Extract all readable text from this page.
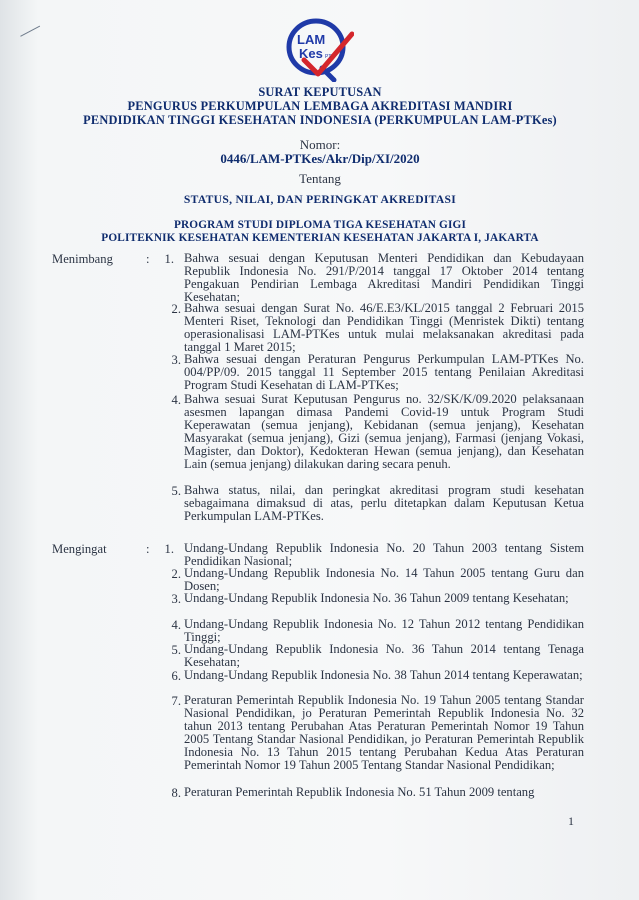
LAM
Kes PT
SURAT KEPUTUSAN
PENGURUS PERKUMPULAN LEMBAGA AKREDITASI MANDIRI
PENDIDIKAN TINGGI KESEHATAN INDONESIA (PERKUMPULAN LAM-PTKes)
Nomor:
0446/LAM-PTKes/Akr/Dip/XI/2020
Tentang
STATUS, NILAI, DAN PERINGKAT AKREDITASI
PROGRAM STUDI DIPLOMA TIGA KESEHATAN GIGI
POLITEKNIK KESEHATAN KEMENTERIAN KESEHATAN JAKARTA I, JAKARTA
Menimbang	:	1. Bahwa sesuai dengan Keputusan Menteri Pendidikan dan Kebudayaan Republik Indonesia No. 291/P/2014 tanggal 17 Oktober 2014 tentang Pengakuan Pendirian Lembaga Akreditasi Mandiri Pendidikan Tinggi Kesehatan;
2. Bahwa sesuai dengan Surat No. 46/E.E3/KL/2015 tanggal 2 Februari 2015 Menteri Riset, Teknologi dan Pendidikan Tinggi (Menristek Dikti) tentang operasionalisasi LAM-PTKes untuk mulai melaksanakan akreditasi pada tanggal 1 Maret 2015;
3. Bahwa sesuai dengan Peraturan Pengurus Perkumpulan LAM-PTKes No. 004/PP/09. 2015 tanggal 11 September 2015 tentang Penilaian Akreditasi Program Studi Kesehatan di LAM-PTKes;
4. Bahwa sesuai Surat Keputusan Pengurus no. 32/SK/K/09.2020 pelaksanaan asesmen lapangan dimasa Pandemi Covid-19 untuk Program Studi Keperawatan (semua jenjang), Kebidanan (semua jenjang), Kesehatan Masyarakat (semua jenjang), Gizi (semua jenjang), Farmasi (jenjang Vokasi, Magister, dan Doktor), Kedokteran Hewan (semua jenjang), dan Kesehatan Lain (semua jenjang) dilakukan daring secara penuh.
5. Bahwa status, nilai, dan peringkat akreditasi program studi kesehatan sebagaimana dimaksud di atas, perlu ditetapkan dalam Keputusan Ketua Perkumpulan LAM-PTKes.
Mengingat	:	1. Undang-Undang Republik Indonesia No. 20 Tahun 2003 tentang Sistem Pendidikan Nasional;
2. Undang-Undang Republik Indonesia No. 14 Tahun 2005 tentang Guru dan Dosen;
3. Undang-Undang Republik Indonesia No. 36 Tahun 2009 tentang Kesehatan;
4. Undang-Undang Republik Indonesia No. 12 Tahun 2012 tentang Pendidikan Tinggi;
5. Undang-Undang Republik Indonesia No. 36 Tahun 2014 tentang Tenaga Kesehatan;
6. Undang-Undang Republik Indonesia No. 38 Tahun 2014 tentang Keperawatan;
7. Peraturan Pemerintah Republik Indonesia No. 19 Tahun 2005 tentang Standar Nasional Pendidikan, jo Peraturan Pemerintah Republik Indonesia No. 32 tahun 2013 tentang Perubahan Atas Peraturan Pemerintah Nomor 19 Tahun 2005 Tentang Standar Nasional Pendidikan, jo Peraturan Pemerintah Republik Indonesia No. 13 Tahun 2015 tentang Perubahan Kedua Atas Peraturan Pemerintah Nomor 19 Tahun 2005 Tentang Standar Nasional Pendidikan;
8. Peraturan Pemerintah Republik Indonesia No. 51 Tahun 2009 tentang
1
